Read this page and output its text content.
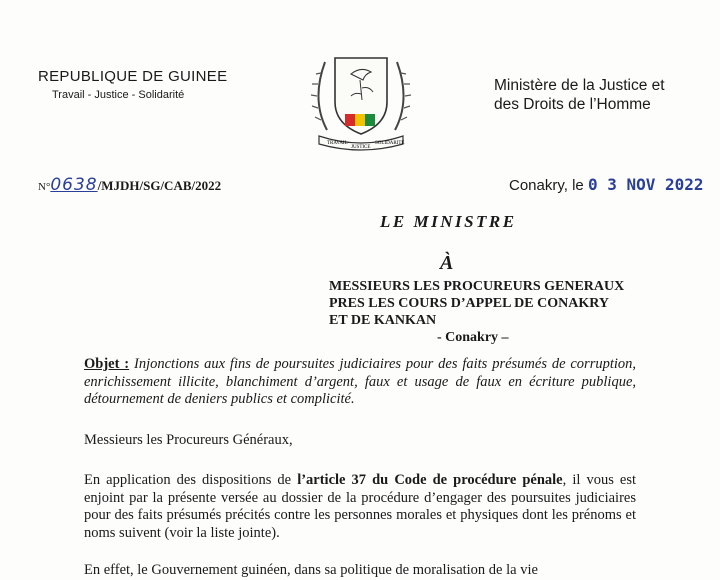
REPUBLIQUE DE GUINEE
Travail - Justice - Solidarité
TRAVAIL
JUSTICE
SOLIDARITE
Ministère de la Justice et
des Droits de l’Homme
N°0638/MJDH/SG/CAB/2022	Conakry, le 0 3 NOV 2022
LE MINISTRE
À
MESSIEURS LES PROCUREURS GENERAUX
PRES LES COURS D’APPEL DE CONAKRY
ET DE KANKAN
- Conakry –
Objet : Injonctions aux fins de poursuites judiciaires pour des faits présumés de corruption, enrichissement illicite, blanchiment d’argent, faux et usage de faux en écriture publique, détournement de deniers publics et complicité.
Messieurs les Procureurs Généraux,
En application des dispositions de l’article 37 du Code de procédure pénale, il vous est enjoint par la présente versée au dossier de la procédure d’engager des poursuites judiciaires pour des faits présumés précités contre les personnes morales et physiques dont les prénoms et noms suivent (voir la liste jointe).
En effet, le Gouvernement guinéen, dans sa politique de moralisation de la vie
